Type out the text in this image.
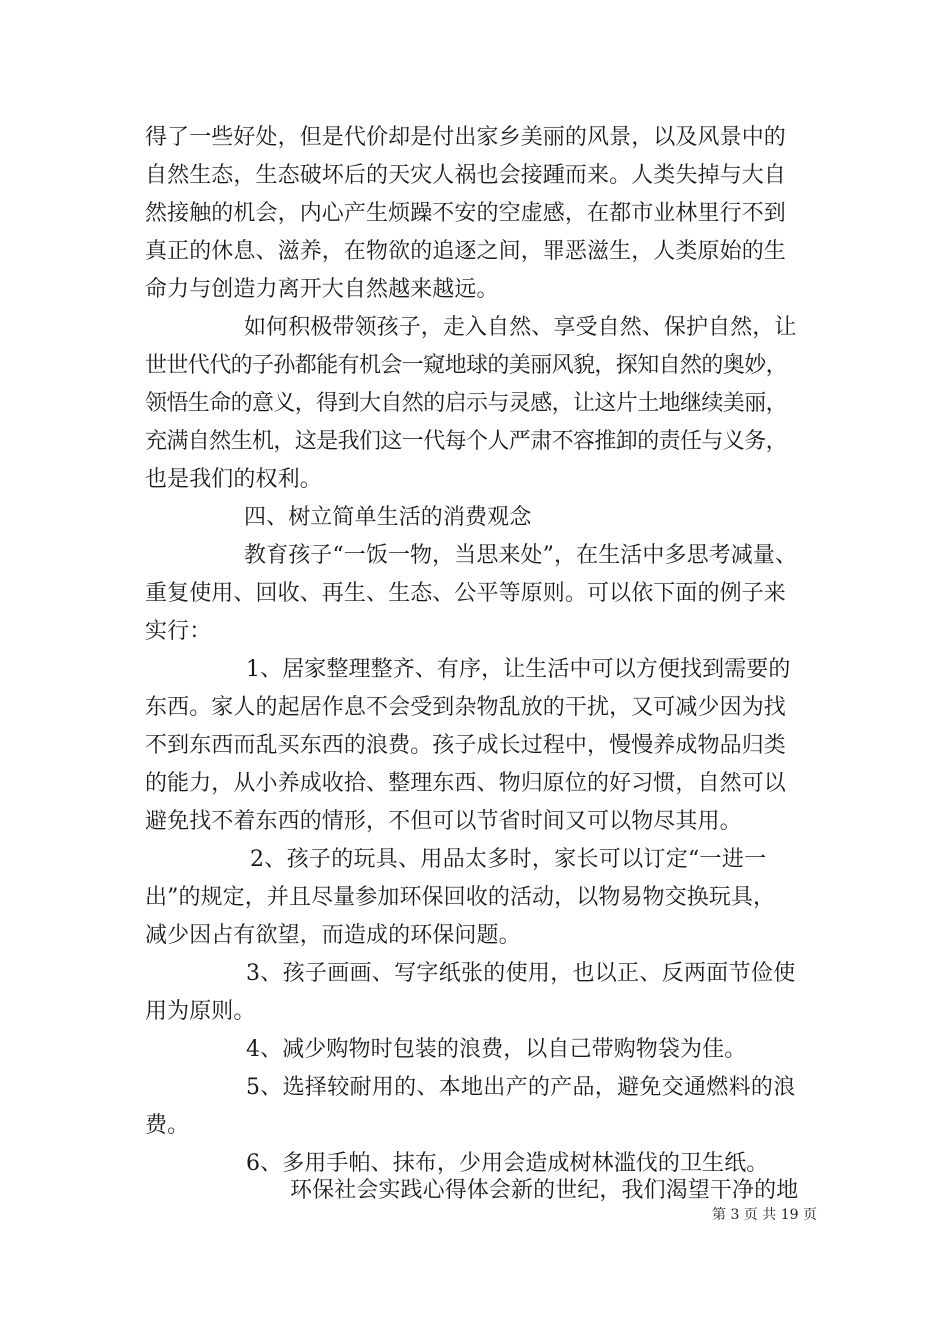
得了一些好处，但是代价却是付出家乡美丽的风景，以及风景中的
自然生态，生态破坏后的天灾人祸也会接踵而来。人类失掉与大自
然接触的机会，内心产生烦躁不安的空虚感，在都市业林里行不到
真正的休息、滋养，在物欲的追逐之间，罪恶滋生，人类原始的生
命力与创造力离开大自然越来越远。
如何积极带领孩子，走入自然、享受自然、保护自然，让
世世代代的子孙都能有机会一窥地球的美丽风貌，探知自然的奥妙，
领悟生命的意义，得到大自然的启示与灵感，让这片土地继续美丽，
充满自然生机，这是我们这一代每个人严肃不容推卸的责任与义务，
也是我们的权利。
四、树立简单生活的消费观念
教育孩子“一饭一物，当思来处”，在生活中多思考减量、
重复使用、回收、再生、生态、公平等原则。可以依下面的例子来
实行：
1、居家整理整齐、有序，让生活中可以方便找到需要的
东西。家人的起居作息不会受到杂物乱放的干扰，又可减少因为找
不到东西而乱买东西的浪费。孩子成长过程中，慢慢养成物品归类
的能力，从小养成收拾、整理东西、物归原位的好习惯，自然可以
避免找不着东西的情形，不但可以节省时间又可以物尽其用。
2、孩子的玩具、用品太多时，家长可以订定“一进一
出”的规定，并且尽量参加环保回收的活动，以物易物交换玩具，
减少因占有欲望，而造成的环保问题。
3、孩子画画、写字纸张的使用，也以正、反两面节俭使
用为原则。
4、减少购物时包装的浪费，以自己带购物袋为佳。
5、选择较耐用的、本地出产的产品，避免交通燃料的浪
费。
6、多用手帕、抹布，少用会造成树林滥伐的卫生纸。
环保社会实践心得体会新的世纪，我们渴望干净的地
第 3 页 共 19 页
